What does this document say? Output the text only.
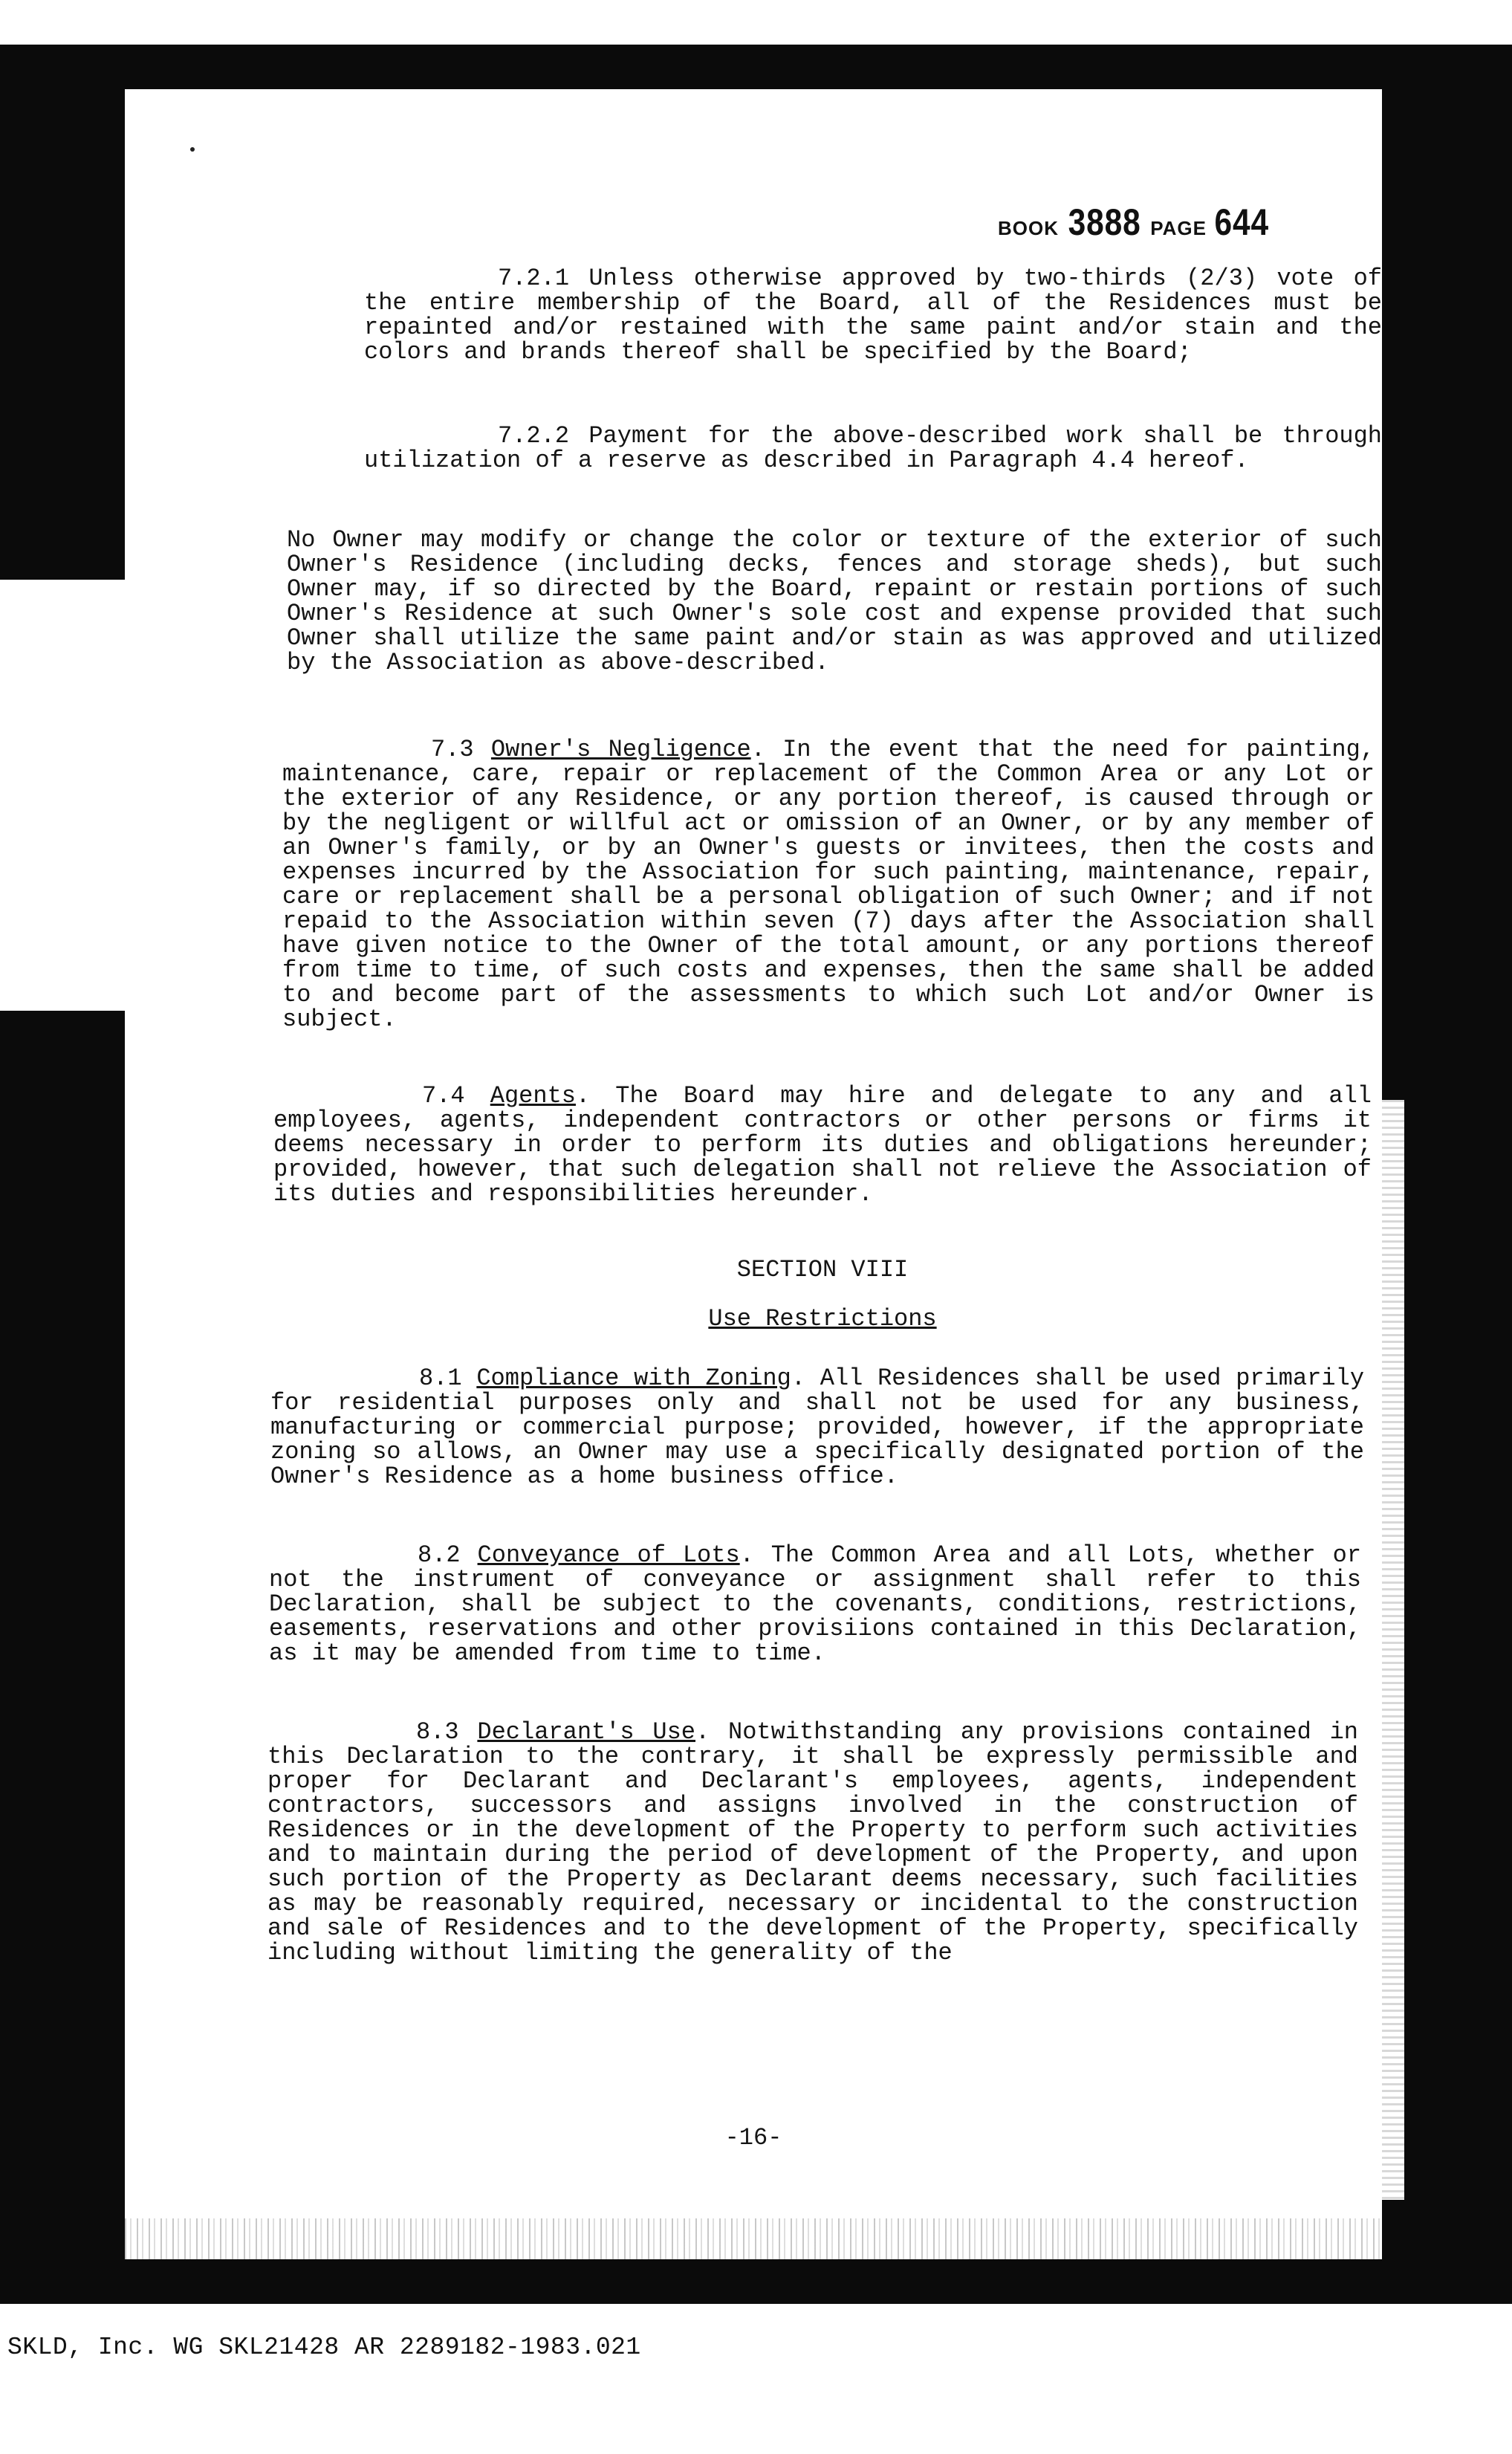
BOOK 3888 PAGE 644

7.2.1 Unless otherwise approved by two-thirds (2/3) vote of the entire membership of the Board, all of the Residences must be repainted and/or restained with the same paint and/or stain and the colors and brands thereof shall be specified by the Board;

7.2.2 Payment for the above-described work shall be through utilization of a reserve as described in Paragraph 4.4 hereof.

No Owner may modify or change the color or texture of the exterior of such Owner's Residence (including decks, fences and storage sheds), but such Owner may, if so directed by the Board, repaint or restain portions of such Owner's Residence at such Owner's sole cost and expense provided that such Owner shall utilize the same paint and/or stain as was approved and utilized by the Association as above-described.

7.3 Owner's Negligence. In the event that the need for painting, maintenance, care, repair or replacement of the Common Area or any Lot or the exterior of any Residence, or any portion thereof, is caused through or by the negligent or willful act or omission of an Owner, or by any member of an Owner's family, or by an Owner's guests or invitees, then the costs and expenses incurred by the Association for such painting, maintenance, repair, care or replacement shall be a personal obligation of such Owner; and if not repaid to the Association within seven (7) days after the Association shall have given notice to the Owner of the total amount, or any portions thereof from time to time, of such costs and expenses, then the same shall be added to and become part of the assessments to which such Lot and/or Owner is subject.

7.4 Agents. The Board may hire and delegate to any and all employees, agents, independent contractors or other persons or firms it deems necessary in order to perform its duties and obligations hereunder; provided, however, that such delegation shall not relieve the Association of its duties and responsibilities hereunder.

SECTION VIII
Use Restrictions

8.1 Compliance with Zoning. All Residences shall be used primarily for residential purposes only and shall not be used for any business, manufacturing or commercial purpose; provided, however, if the appropriate zoning so allows, an Owner may use a specifically designated portion of the Owner's Residence as a home business office.

8.2 Conveyance of Lots. The Common Area and all Lots, whether or not the instrument of conveyance or assignment shall refer to this Declaration, shall be subject to the covenants, conditions, restrictions, easements, reservations and other provisiions contained in this Declaration, as it may be amended from time to time.

8.3 Declarant's Use. Notwithstanding any provisions contained in this Declaration to the contrary, it shall be expressly permissible and proper for Declarant and Declarant's employees, agents, independent contractors, successors and assigns involved in the construction of Residences or in the development of the Property to perform such activities and to maintain during the period of development of the Property, and upon such portion of the Property as Declarant deems necessary, such facilities as may be reasonably required, necessary or incidental to the construction and sale of Residences and to the development of the Property, specifically including without limiting the generality of the

-16-
SKLD, Inc. WG SKL21428 AR 2289182-1983.021
